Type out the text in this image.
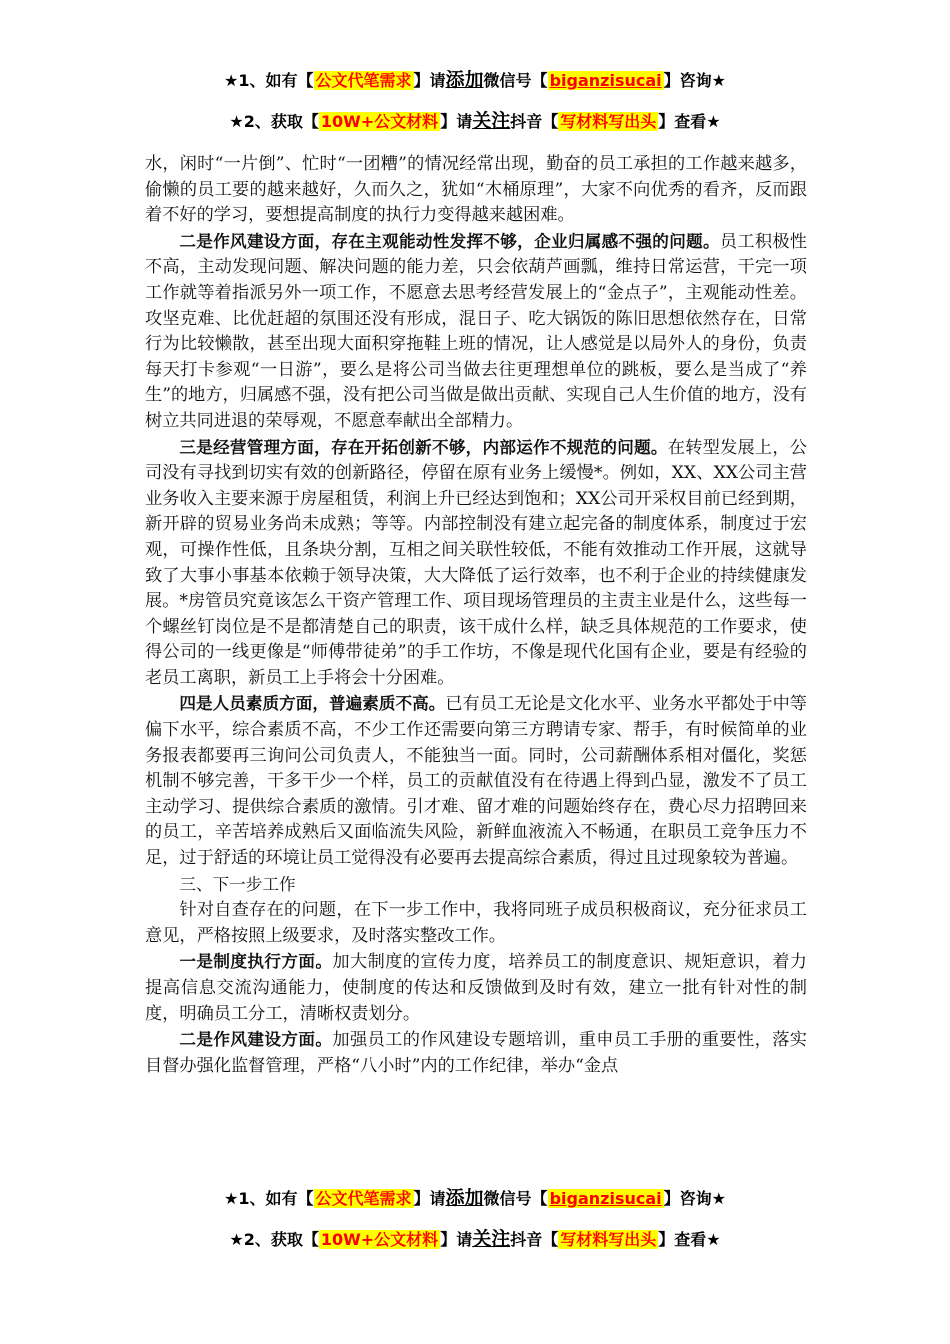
★1、如有【 公文代笔需求 】请添加微信号【 biganzisucai 】咨询★
★2、获取【 10W+公文材料 】请关注抖音【 写材料写出头 】查看★

水，闲时“一片倒”、忙时“一团糟”的情况经常出现，勤奋的员工承担的工作越来越多，偷懒的员工要的越来越好，久而久之，犹如“木桶原理”，大家不向优秀的看齐，反而跟着不好的学习，要想提高制度的执行力变得越来越困难。

二是作风建设方面，存在主观能动性发挥不够，企业归属感不强的问题。员工积极性不高，主动发现问题、解决问题的能力差，只会依葫芦画瓢，维持日常运营，干完一项工作就等着指派另外一项工作，不愿意去思考经营发展上的“金点子”，主观能动性差。攻坚克难、比优赶超的氛围还没有形成，混日子、吃大锅饭的陈旧思想依然存在，日常行为比较懒散，甚至出现大面积穿拖鞋上班的情况，让人感觉是以局外人的身份，负责每天打卡参观“一日游”，要么是将公司当做去往更理想单位的跳板，要么是当成了“养生”的地方，归属感不强，没有把公司当做是做出贡献、实现自己人生价值的地方，没有树立共同进退的荣辱观，不愿意奉献出全部精力。

三是经营管理方面，存在开拓创新不够，内部运作不规范的问题。在转型发展上，公司没有寻找到切实有效的创新路径，停留在原有业务上缓慢*。例如，XX、XX公司主营业务收入主要来源于房屋租赁，利润上升已经达到饱和；XX公司开采权目前已经到期，新开辟的贸易业务尚未成熟；等等。内部控制没有建立起完备的制度体系，制度过于宏观，可操作性低，且条块分割，互相之间关联性较低，不能有效推动工作开展，这就导致了大事小事基本依赖于领导决策，大大降低了运行效率，也不利于企业的持续健康发展。*房管员究竟该怎么干资产管理工作、项目现场管理员的主责主业是什么，这些每一个螺丝钉岗位是不是都清楚自己的职责，该干成什么样，缺乏具体规范的工作要求，使得公司的一线更像是“师傅带徒弟”的手工作坊，不像是现代化国有企业，要是有经验的老员工离职，新员工上手将会十分困难。

四是人员素质方面，普遍素质不高。已有员工无论是文化水平、业务水平都处于中等偏下水平，综合素质不高，不少工作还需要向第三方聘请专家、帮手，有时候简单的业务报表都要再三询问公司负责人，不能独当一面。同时，公司薪酬体系相对僵化，奖惩机制不够完善，干多干少一个样，员工的贡献值没有在待遇上得到凸显，激发不了员工主动学习、提供综合素质的激情。引才难、留才难的问题始终存在，费心尽力招聘回来的员工，辛苦培养成熟后又面临流失风险，新鲜血液流入不畅通，在职员工竞争压力不足，过于舒适的环境让员工觉得没有必要再去提高综合素质，得过且过现象较为普遍。

三、下一步工作

针对自查存在的问题，在下一步工作中，我将同班子成员积极商议，充分征求员工意见，严格按照上级要求，及时落实整改工作。

一是制度执行方面。加大制度的宣传力度，培养员工的制度意识、规矩意识，着力提高信息交流沟通能力，使制度的传达和反馈做到及时有效，建立一批有针对性的制度，明确员工分工，清晰权责划分。

二是作风建设方面。加强员工的作风建设专题培训，重申员工手册的重要性，落实目督办强化监督管理，严格“八小时”内的工作纪律，举办“金点

★1、如有【 公文代笔需求 】请添加微信号【 biganzisucai 】咨询★
★2、获取【 10W+公文材料 】请关注抖音【 写材料写出头 】查看★
